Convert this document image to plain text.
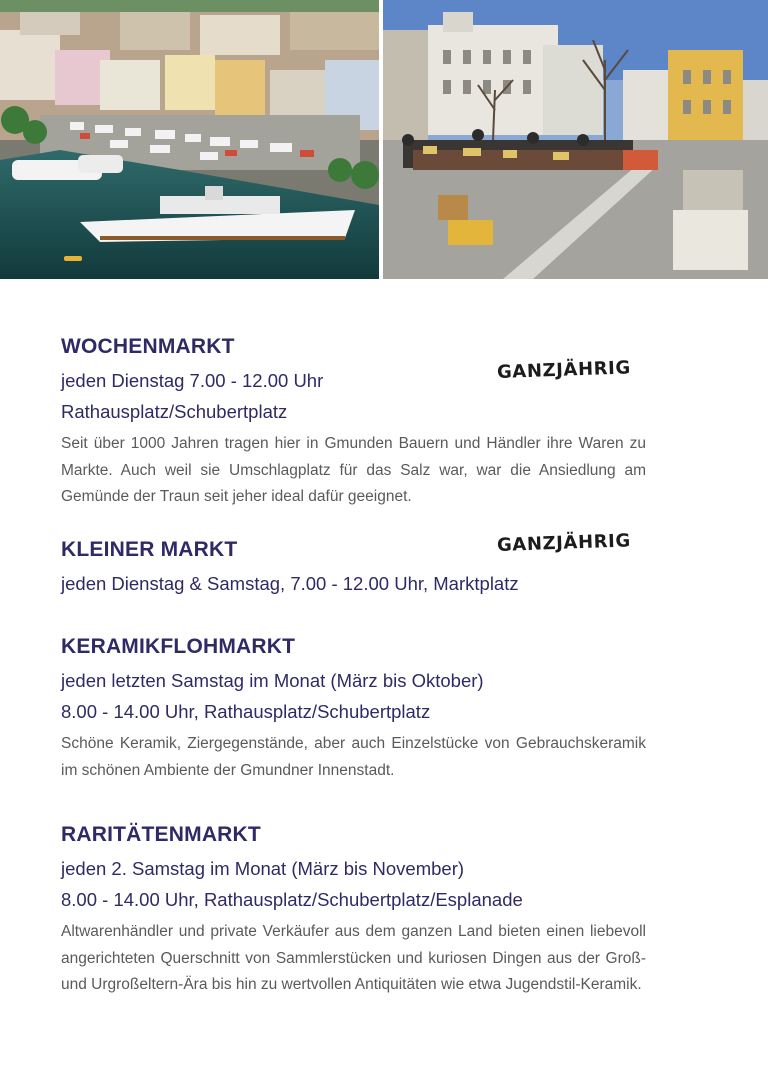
GANZJÄHRIG
GANZJÄHRIG
WOCHENMARKT

jeden Dienstag 7.00 - 12.00 Uhr

Rathausplatz/Schubertplatz

Seit über 1000 Jahren tragen hier in Gmunden Bauern und Händler ihre Waren zu Markte. Auch weil sie Umschlagplatz für das Salz war, war die Ansiedlung am Gemünde der Traun seit jeher ideal dafür geeignet.

KLEINER MARKT

jeden Dienstag & Samstag, 7.00 - 12.00 Uhr, Marktplatz

KERAMIKFLOHMARKT

jeden letzten Samstag im Monat (März bis Oktober)

8.00 - 14.00 Uhr, Rathausplatz/Schubertplatz

Schöne Keramik, Ziergegenstände, aber auch Einzelstücke von Gebrauchskeramik im schönen Ambiente der Gmundner Innenstadt.

RARITÄTENMARKT

jeden 2. Samstag im Monat (März bis November)

8.00 - 14.00 Uhr, Rathausplatz/Schubertplatz/Esplanade

Altwarenhändler und private Verkäufer aus dem ganzen Land bieten einen liebevoll angerichteten Querschnitt von Sammlerstücken und kuriosen Dingen aus der Groß- und Urgroßeltern-Ära bis hin zu wertvollen Antiquitäten wie etwa Jugendstil-Keramik.
